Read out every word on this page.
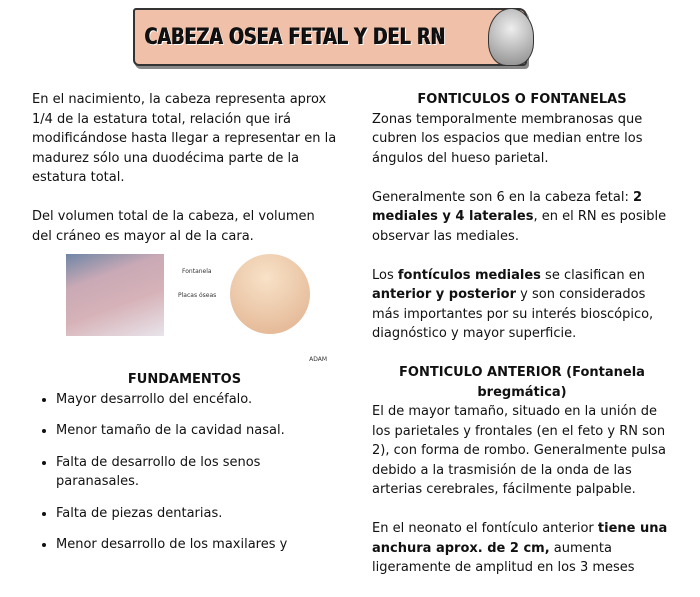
CABEZA OSEA FETAL Y DEL RN

En el nacimiento, la cabeza representa aprox 1/4 de la estatura total, relación que irá modificándose hasta llegar a representar en la madurez sólo una duodécima parte de la estatura total.

Del volumen total de la cabeza, el volumen del cráneo es mayor al de la cara.

Fontanela
Placas óseas
ADAM
FUNDAMENTOS
• Mayor desarrollo del encéfalo.
• Menor tamaño de la cavidad nasal.
• Falta de desarrollo de los senos paranasales.
• Falta de piezas dentarias.
• Menor desarrollo de los maxilares y
FONTICULOS O FONTANELAS

Zonas temporalmente membranosas que cubren los espacios que median entre los ángulos del hueso parietal.

Generalmente son 6 en la cabeza fetal: 2 mediales y 4 laterales, en el RN es posible observar las mediales.

Los fontículos mediales se clasifican en anterior y posterior y son considerados más importantes por su interés bioscópico, diagnóstico y mayor superficie.

FONTICULO ANTERIOR (Fontanela bregmática)

El de mayor tamaño, situado en la unión de los parietales y frontales (en el feto y RN son 2), con forma de rombo. Generalmente pulsa debido a la trasmisión de la onda de las arterias cerebrales, fácilmente palpable.

En el neonato el fontículo anterior tiene una anchura aprox. de 2 cm, aumenta ligeramente de amplitud en los 3 meses
